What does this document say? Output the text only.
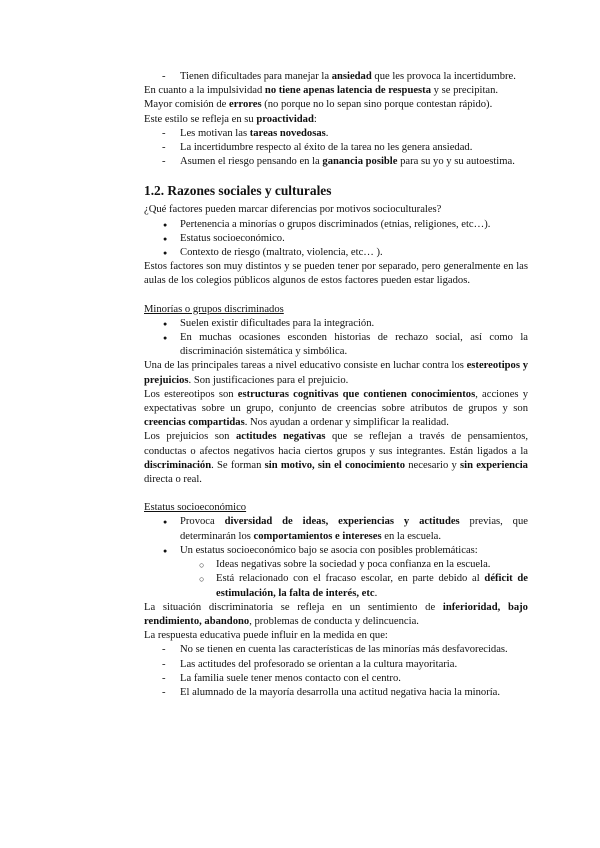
- Tienen dificultades para manejar la ansiedad que les provoca la incertidumbre.

En cuanto a la impulsividad no tiene apenas latencia de respuesta y se precipitan.

Mayor comisión de errores (no porque no lo sepan sino porque contestan rápido).

Este estilo se refleja en su proactividad:

- Les motivan las tareas novedosas.

- La incertidumbre respecto al éxito de la tarea no les genera ansiedad.

- Asumen el riesgo pensando en la ganancia posible para su yo y su autoestima.

1.2. Razones sociales y culturales

¿Qué factores pueden marcar diferencias por motivos socioculturales?

● Pertenencia a minorías o grupos discriminados (etnias, religiones, etc…).

● Estatus socioeconómico.

● Contexto de riesgo (maltrato, violencia, etc… ).

Estos factores son muy distintos y se pueden tener por separado, pero generalmente en las aulas de los colegios públicos algunos de estos factores pueden estar ligados.

Minorías o grupos discriminados

● Suelen existir dificultades para la integración.

● En muchas ocasiones esconden historias de rechazo social, así como la discriminación sistemática y simbólica.

Una de las principales tareas a nivel educativo consiste en luchar contra los estereotipos y prejuicios. Son justificaciones para el prejuicio.

Los estereotipos son estructuras cognitivas que contienen conocimientos, acciones y expectativas sobre un grupo, conjunto de creencias sobre atributos de grupos y son creencias compartidas. Nos ayudan a ordenar y simplificar la realidad.

Los prejuicios son actitudes negativas que se reflejan a través de pensamientos, conductas o afectos negativos hacia ciertos grupos y sus integrantes. Están ligados a la discriminación. Se forman sin motivo, sin el conocimiento necesario y sin experiencia directa o real.

Estatus socioeconómico

● Provoca diversidad de ideas, experiencias y actitudes previas, que determinarán los comportamientos e intereses en la escuela.

● Un estatus socioeconómico bajo se asocia con posibles problemáticas:

○ Ideas negativas sobre la sociedad y poca confianza en la escuela.

○ Está relacionado con el fracaso escolar, en parte debido al déficit de estimulación, la falta de interés, etc.

La situación discriminatoria se refleja en un sentimiento de inferioridad, bajo rendimiento, abandono, problemas de conducta y delincuencia.

La respuesta educativa puede influir en la medida en que:

- No se tienen en cuenta las características de las minorías más desfavorecidas.

- Las actitudes del profesorado se orientan a la cultura mayoritaria.

- La familia suele tener menos contacto con el centro.

- El alumnado de la mayoría desarrolla una actitud negativa hacia la minoría.
